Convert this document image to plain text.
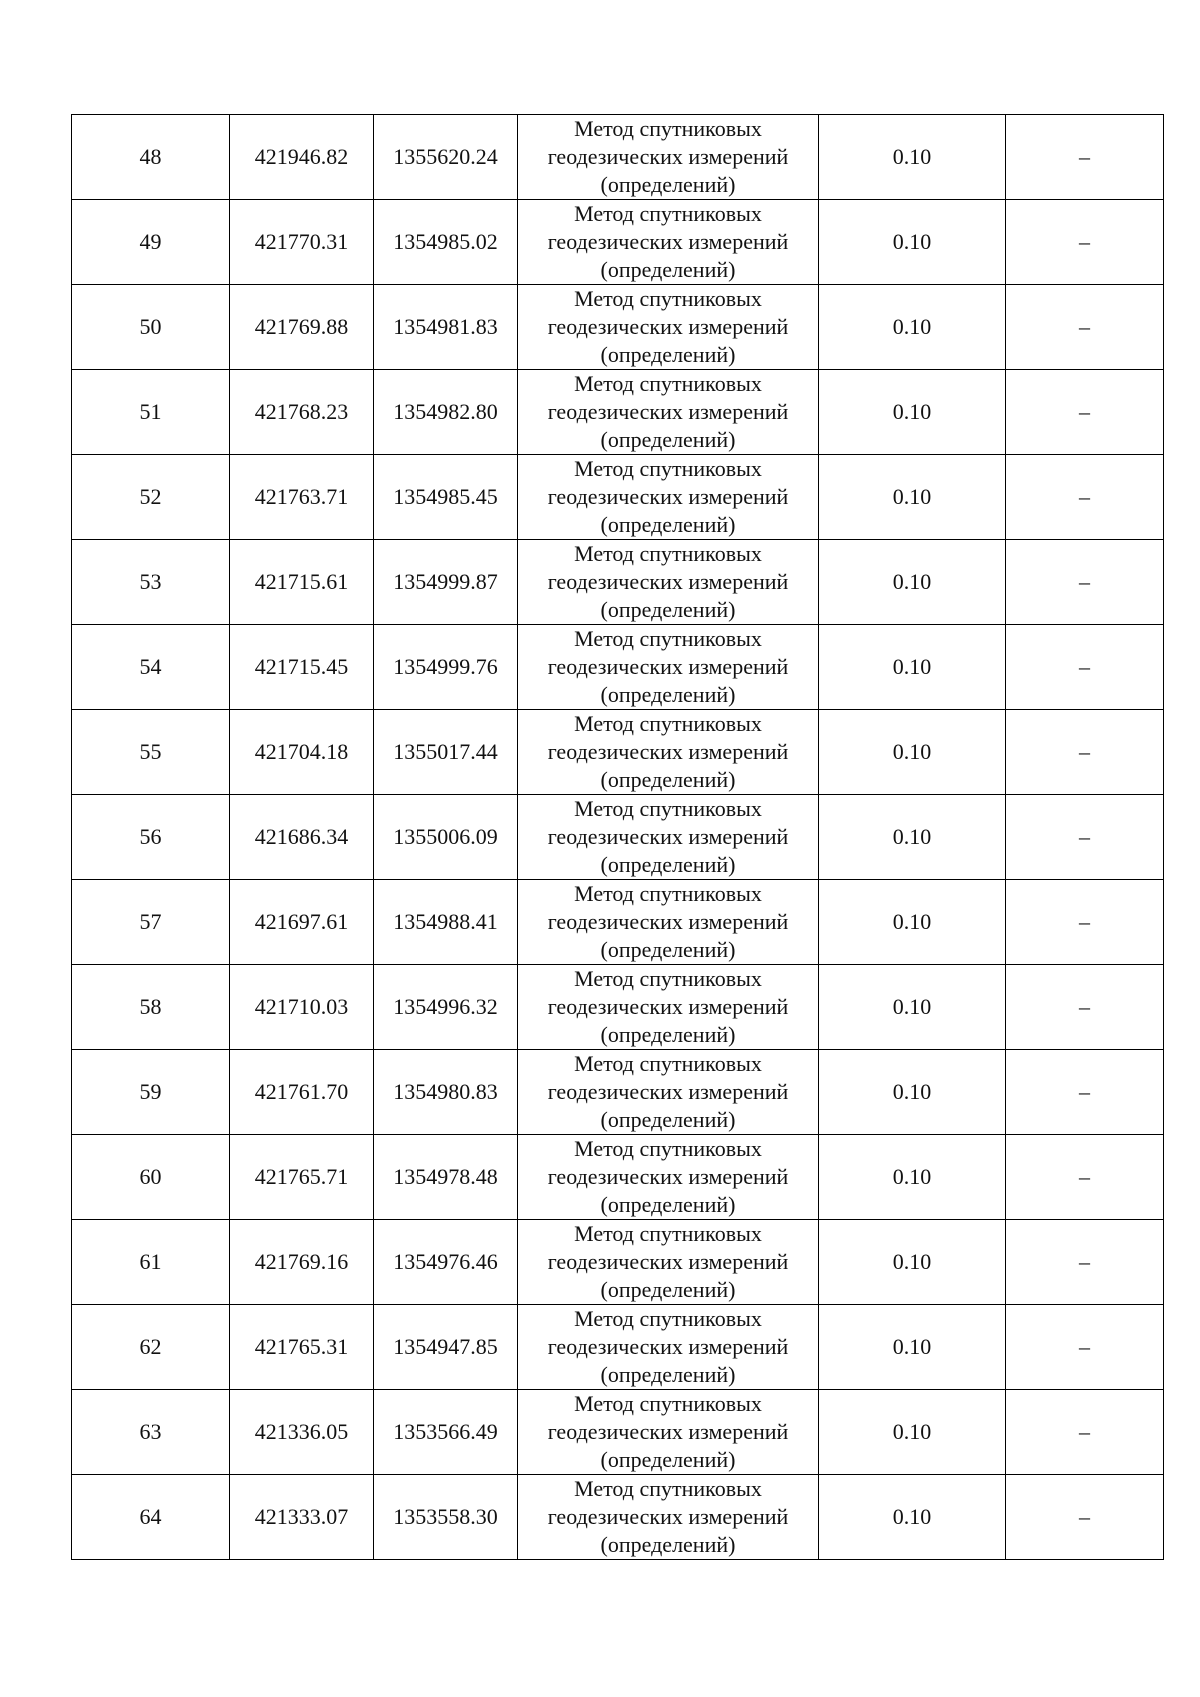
48	421946.82	1355620.24	Метод спутниковых
геодезических измерений
(определений)	0.10	–
49	421770.31	1354985.02	Метод спутниковых
геодезических измерений
(определений)	0.10	–
50	421769.88	1354981.83	Метод спутниковых
геодезических измерений
(определений)	0.10	–
51	421768.23	1354982.80	Метод спутниковых
геодезических измерений
(определений)	0.10	–
52	421763.71	1354985.45	Метод спутниковых
геодезических измерений
(определений)	0.10	–
53	421715.61	1354999.87	Метод спутниковых
геодезических измерений
(определений)	0.10	–
54	421715.45	1354999.76	Метод спутниковых
геодезических измерений
(определений)	0.10	–
55	421704.18	1355017.44	Метод спутниковых
геодезических измерений
(определений)	0.10	–
56	421686.34	1355006.09	Метод спутниковых
геодезических измерений
(определений)	0.10	–
57	421697.61	1354988.41	Метод спутниковых
геодезических измерений
(определений)	0.10	–
58	421710.03	1354996.32	Метод спутниковых
геодезических измерений
(определений)	0.10	–
59	421761.70	1354980.83	Метод спутниковых
геодезических измерений
(определений)	0.10	–
60	421765.71	1354978.48	Метод спутниковых
геодезических измерений
(определений)	0.10	–
61	421769.16	1354976.46	Метод спутниковых
геодезических измерений
(определений)	0.10	–
62	421765.31	1354947.85	Метод спутниковых
геодезических измерений
(определений)	0.10	–
63	421336.05	1353566.49	Метод спутниковых
геодезических измерений
(определений)	0.10	–
64	421333.07	1353558.30	Метод спутниковых
геодезических измерений
(определений)	0.10	–
